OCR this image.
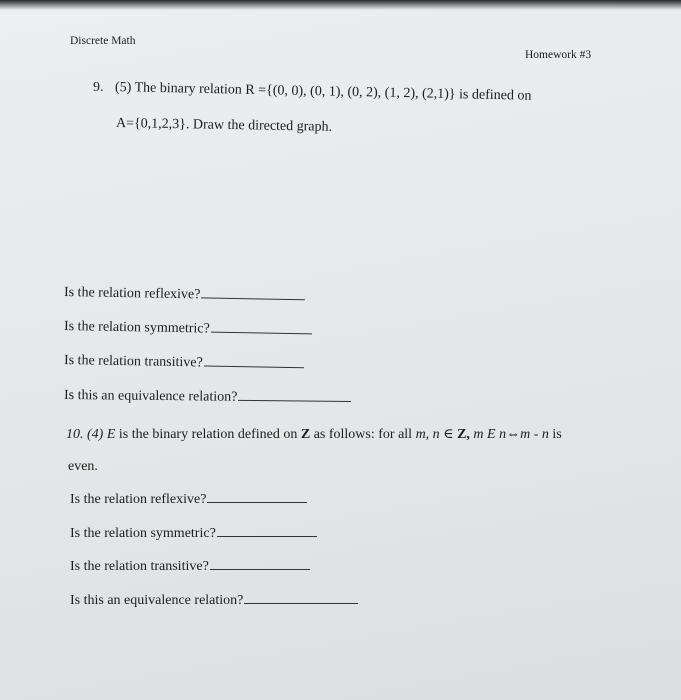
Discrete Math
Homework #3
9. (5) The binary relation R ={(0, 0), (0, 1), (0, 2), (1, 2), (2,1)} is defined on
A={0,1,2,3}. Draw the directed graph.
Is the relation reflexive?
Is the relation symmetric?
Is the relation transitive?
Is this an equivalence relation?
10. (4) E is the binary relation defined on Z as follows: for all m, n ∈ Z, m E n⇔m - n is
even.
Is the relation reflexive?
Is the relation symmetric?
Is the relation transitive?
Is this an equivalence relation?
